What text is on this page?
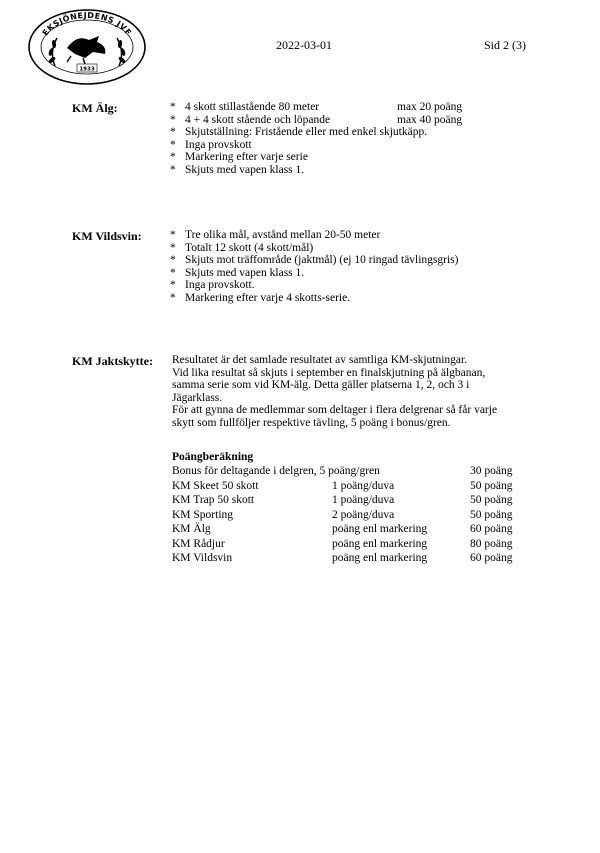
EKSJÖNEJDENS JVF
1933
2022-03-01	Sid 2 (3)
KM Älg:	* 4 skott stillastående 80 meter	max 20 poäng
* 4 + 4 skott stående och löpande	max 40 poäng
* Skjutställning: Fristående eller med enkel skjutkäpp.
* Inga provskott
* Markering efter varje serie
* Skjuts med vapen klass 1.
KM Vildsvin: * Tre olika mål, avstånd mellan 20-50 meter
* Totalt 12 skott (4 skott/mål)
* Skjuts mot träffområde (jaktmål) (ej 10 ringad tävlingsgris)
* Skjuts med vapen klass 1.
* Inga provskott.
* Markering efter varje 4 skotts-serie.
KM Jaktskytte: Resultatet är det samlade resultatet av samtliga KM-skjutningar.

Vid lika resultat så skjuts i september en finalskjutning på älgbanan,

samma serie som vid KM-älg. Detta gäller platserna 1, 2, och 3 i

Jägarklass.

För att gynna de medlemmar som deltager i flera delgrenar så får varje

skytt som fullföljer respektive tävling, 5 poäng i bonus/gren.

Poängberäkning
Bonus för deltagande i delgren, 5 poäng/gren		30 poäng
KM Skeet 50 skott	1 poäng/duva	50 poäng
KM Trap 50 skott	1 poäng/duva	50 poäng
KM Sporting	2 poäng/duva	50 poäng
KM Älg	poäng enl markering	60 poäng
KM Rådjur	poäng enl markering	80 poäng
KM Vildsvin	poäng enl markering	60 poäng
